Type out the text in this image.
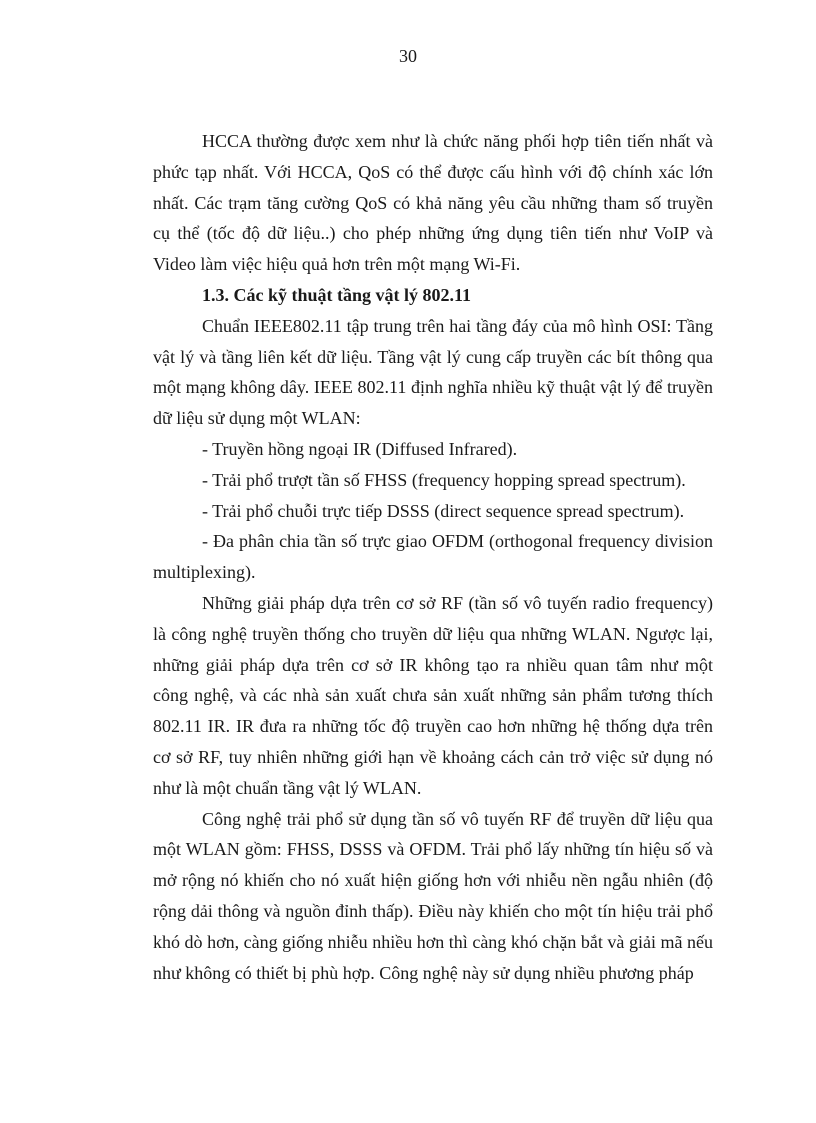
30

HCCA thường được xem như là chức năng phối hợp tiên tiến nhất và phức tạp nhất. Với HCCA, QoS có thể được cấu hình với độ chính xác lớn nhất. Các trạm tăng cường QoS có khả năng yêu cầu những tham số truyền cụ thể (tốc độ dữ liệu..) cho phép những ứng dụng tiên tiến như VoIP và Video làm việc hiệu quả hơn trên một mạng Wi-Fi.

1.3. Các kỹ thuật tầng vật lý 802.11

Chuẩn IEEE802.11 tập trung trên hai tầng đáy của mô hình OSI: Tầng vật lý và tầng liên kết dữ liệu. Tầng vật lý cung cấp truyền các bít thông qua một mạng không dây. IEEE 802.11 định nghĩa nhiều kỹ thuật vật lý để truyền dữ liệu sử dụng một WLAN:

- Truyền hồng ngoại IR (Diffused Infrared).

- Trải phổ trượt tần số FHSS (frequency hopping spread spectrum).

- Trải phổ chuỗi trực tiếp DSSS (direct sequence spread spectrum).

- Đa phân chia tần số trực giao OFDM (orthogonal frequency division multiplexing).

Những giải pháp dựa trên cơ sở RF (tần số vô tuyến radio frequency) là công nghệ truyền thống cho truyền dữ liệu qua những WLAN. Ngược lại, những giải pháp dựa trên cơ sở IR không tạo ra nhiều quan tâm như một công nghệ, và các nhà sản xuất chưa sản xuất những sản phẩm tương thích 802.11 IR. IR đưa ra những tốc độ truyền cao hơn những hệ thống dựa trên cơ sở RF, tuy nhiên những giới hạn về khoảng cách cản trở việc sử dụng nó như là một chuẩn tầng vật lý WLAN.

Công nghệ trải phổ sử dụng tần số vô tuyến RF để truyền dữ liệu qua một WLAN gồm: FHSS, DSSS và OFDM. Trải phổ lấy những tín hiệu số và mở rộng nó khiến cho nó xuất hiện giống hơn với nhiễu nền ngẫu nhiên (độ rộng dải thông và nguồn đỉnh thấp). Điều này khiến cho một tín hiệu trải phổ khó dò hơn, càng giống nhiễu nhiều hơn thì càng khó chặn bắt và giải mã nếu như không có thiết bị phù hợp. Công nghệ này sử dụng nhiều phương pháp
